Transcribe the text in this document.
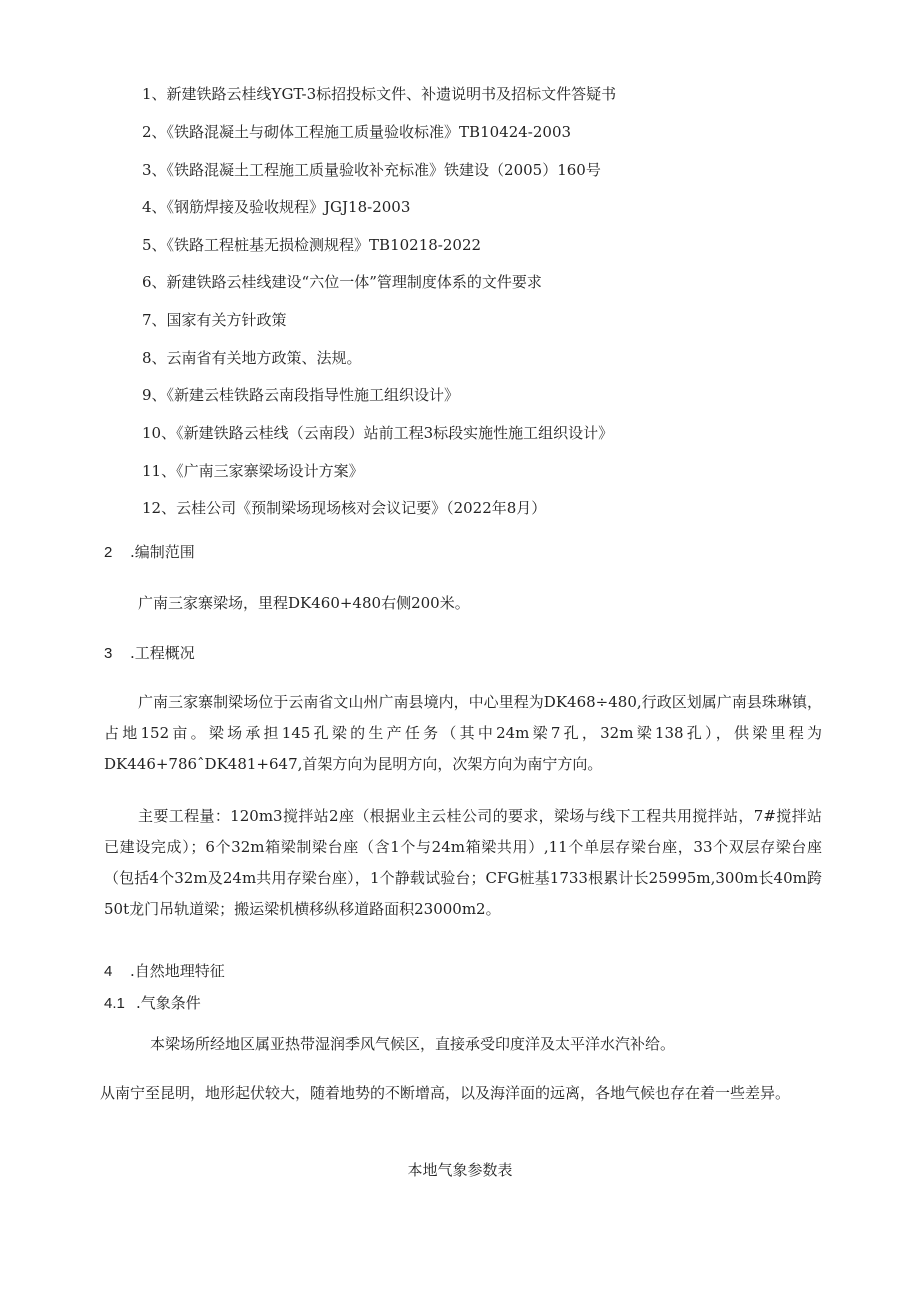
1、新建铁路云桂线YGT-3标招投标文件、补遗说明书及招标文件答疑书
2、《铁路混凝土与砌体工程施工质量验收标准》TB10424-2003
3、《铁路混凝土工程施工质量验收补充标准》铁建设（2005）160号
4、《钢筋焊接及验收规程》JGJ18-2003
5、《铁路工程桩基无损检测规程》TB10218-2022
6、新建铁路云桂线建设“六位一体”管理制度体系的文件要求
7、国家有关方针政策
8、云南省有关地方政策、法规。
9、《新建云桂铁路云南段指导性施工组织设计》
10、《新建铁路云桂线（云南段）站前工程3标段实施性施工组织设计》
11、《广南三家寨梁场设计方案》
12、云桂公司《预制梁场现场核对会议记要》（2022年8月）
2 .编制范围
广南三家寨梁场，里程DK460+480右侧200米。
3 .工程概况
广南三家寨制梁场位于云南省文山州广南县境内，中心里程为DK468÷480,行政区划属广南县珠琳镇，占地152亩。梁场承担145孔梁的生产任务（其中24m梁7孔，32m梁138孔），供梁里程为DK446+786ˆDK481+647,首架方向为昆明方向，次架方向为南宁方向。
主要工程量：120m3搅拌站2座（根据业主云桂公司的要求，梁场与线下工程共用搅拌站，7#搅拌站已建设完成）；6个32m箱梁制梁台座（含1个与24m箱梁共用）,11个单层存梁台座，33个双层存梁台座（包括4个32m及24m共用存梁台座），1个静载试验台；CFG桩基1733根累计长25995m,300m长40m跨50t龙门吊轨道梁；搬运梁机横移纵移道路面积23000m2。
4 .自然地理特征
4.1 .气象条件
本梁场所经地区属亚热带湿润季风气候区，直接承受印度洋及太平洋水汽补给。
从南宁至昆明，地形起伏较大，随着地势的不断增高，以及海洋面的远离，各地气候也存在着一些差异。
本地气象参数表
